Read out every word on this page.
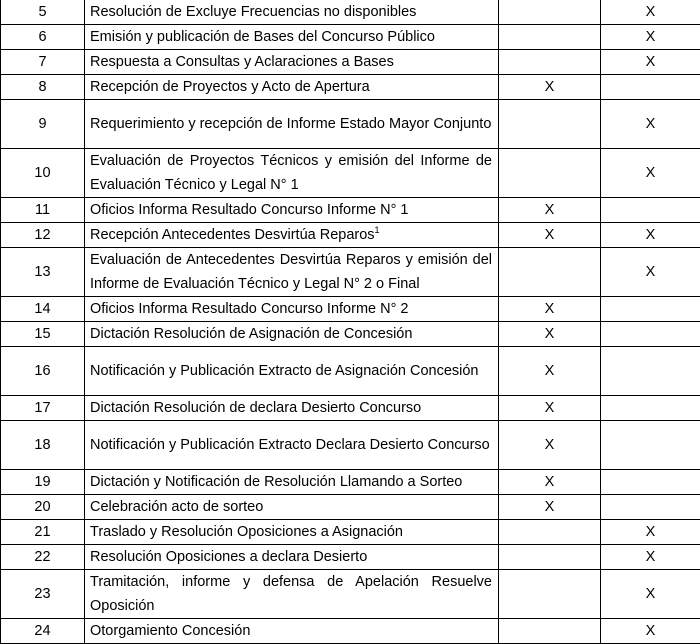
5	Resolución de Excluye Frecuencias no disponibles		X
6	Emisión y publicación de Bases del Concurso Público		X
7	Respuesta a Consultas y Aclaraciones a Bases		X
8	Recepción de Proyectos y Acto de Apertura	X	
9	Requerimiento y recepción de Informe Estado Mayor Conjunto		X
10	Evaluación de Proyectos Técnicos y emisión del Informe de Evaluación Técnico y Legal N° 1		X
11	Oficios Informa Resultado Concurso Informe N° 1	X	
12	Recepción Antecedentes Desvirtúa Reparos$^1$	X	X
13	Evaluación de Antecedentes Desvirtúa Reparos y emisión del Informe de Evaluación Técnico y Legal N° 2 o Final		X
14	Oficios Informa Resultado Concurso Informe N° 2	X	
15	Dictación Resolución de Asignación de Concesión	X	
16	Notificación y Publicación Extracto de Asignación Concesión	X	
17	Dictación Resolución de declara Desierto Concurso	X	
18	Notificación y Publicación Extracto Declara Desierto Concurso	X	
19	Dictación y Notificación de Resolución Llamando a Sorteo	X	
20	Celebración acto de sorteo	X	
21	Traslado y Resolución Oposiciones a Asignación		X
22	Resolución Oposiciones a declara Desierto		X
23	Tramitación, informe y defensa de Apelación Resuelve Oposición		X
24	Otorgamiento Concesión		X
